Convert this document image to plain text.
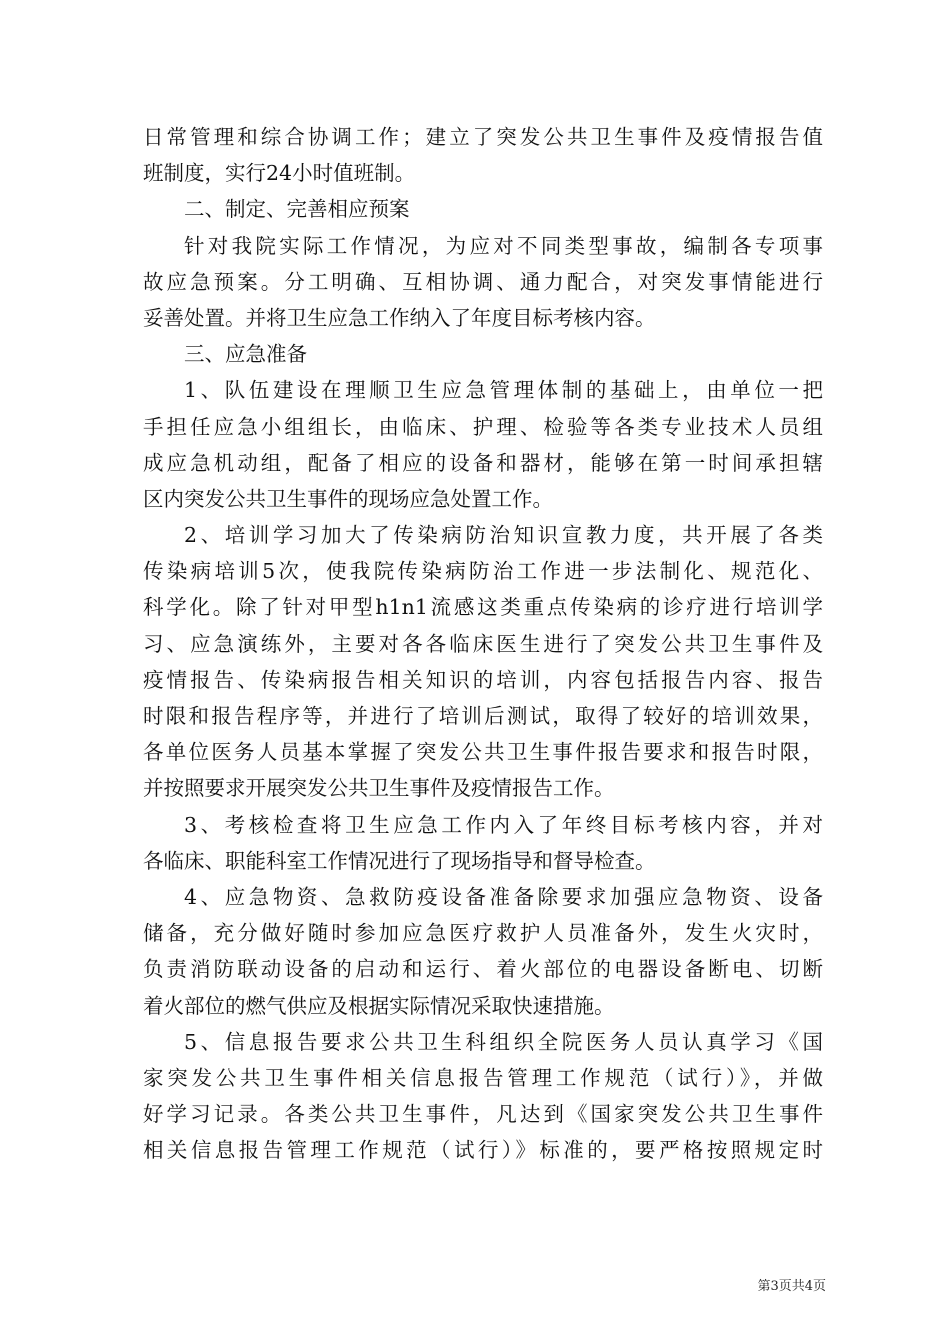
日常管理和综合协调工作；建立了突发公共卫生事件及疫情报告值
班制度，实行24小时值班制。
二、制定、完善相应预案
针对我院实际工作情况，为应对不同类型事故，编制各专项事
故应急预案。分工明确、互相协调、通力配合，对突发事情能进行
妥善处置。并将卫生应急工作纳入了年度目标考核内容。
三、应急准备
1、队伍建设在理顺卫生应急管理体制的基础上，由单位一把
手担任应急小组组长，由临床、护理、检验等各类专业技术人员组
成应急机动组，配备了相应的设备和器材，能够在第一时间承担辖
区内突发公共卫生事件的现场应急处置工作。
2、培训学习加大了传染病防治知识宣教力度，共开展了各类
传染病培训5次，使我院传染病防治工作进一步法制化、规范化、
科学化。除了针对甲型h1n1流感这类重点传染病的诊疗进行培训学
习、应急演练外，主要对各各临床医生进行了突发公共卫生事件及
疫情报告、传染病报告相关知识的培训，内容包括报告内容、报告
时限和报告程序等，并进行了培训后测试，取得了较好的培训效果，
各单位医务人员基本掌握了突发公共卫生事件报告要求和报告时限，
并按照要求开展突发公共卫生事件及疫情报告工作。
3、考核检查将卫生应急工作内入了年终目标考核内容，并对
各临床、职能科室工作情况进行了现场指导和督导检查。
4、应急物资、急救防疫设备准备除要求加强应急物资、设备
储备，充分做好随时参加应急医疗救护人员准备外，发生火灾时，
负责消防联动设备的启动和运行、着火部位的电器设备断电、切断
着火部位的燃气供应及根据实际情况采取快速措施。
5、信息报告要求公共卫生科组织全院医务人员认真学习《国
家突发公共卫生事件相关信息报告管理工作规范（试行）》，并做
好学习记录。各类公共卫生事件，凡达到《国家突发公共卫生事件
相关信息报告管理工作规范（试行）》标准的，要严格按照规定时
第3页共4页
